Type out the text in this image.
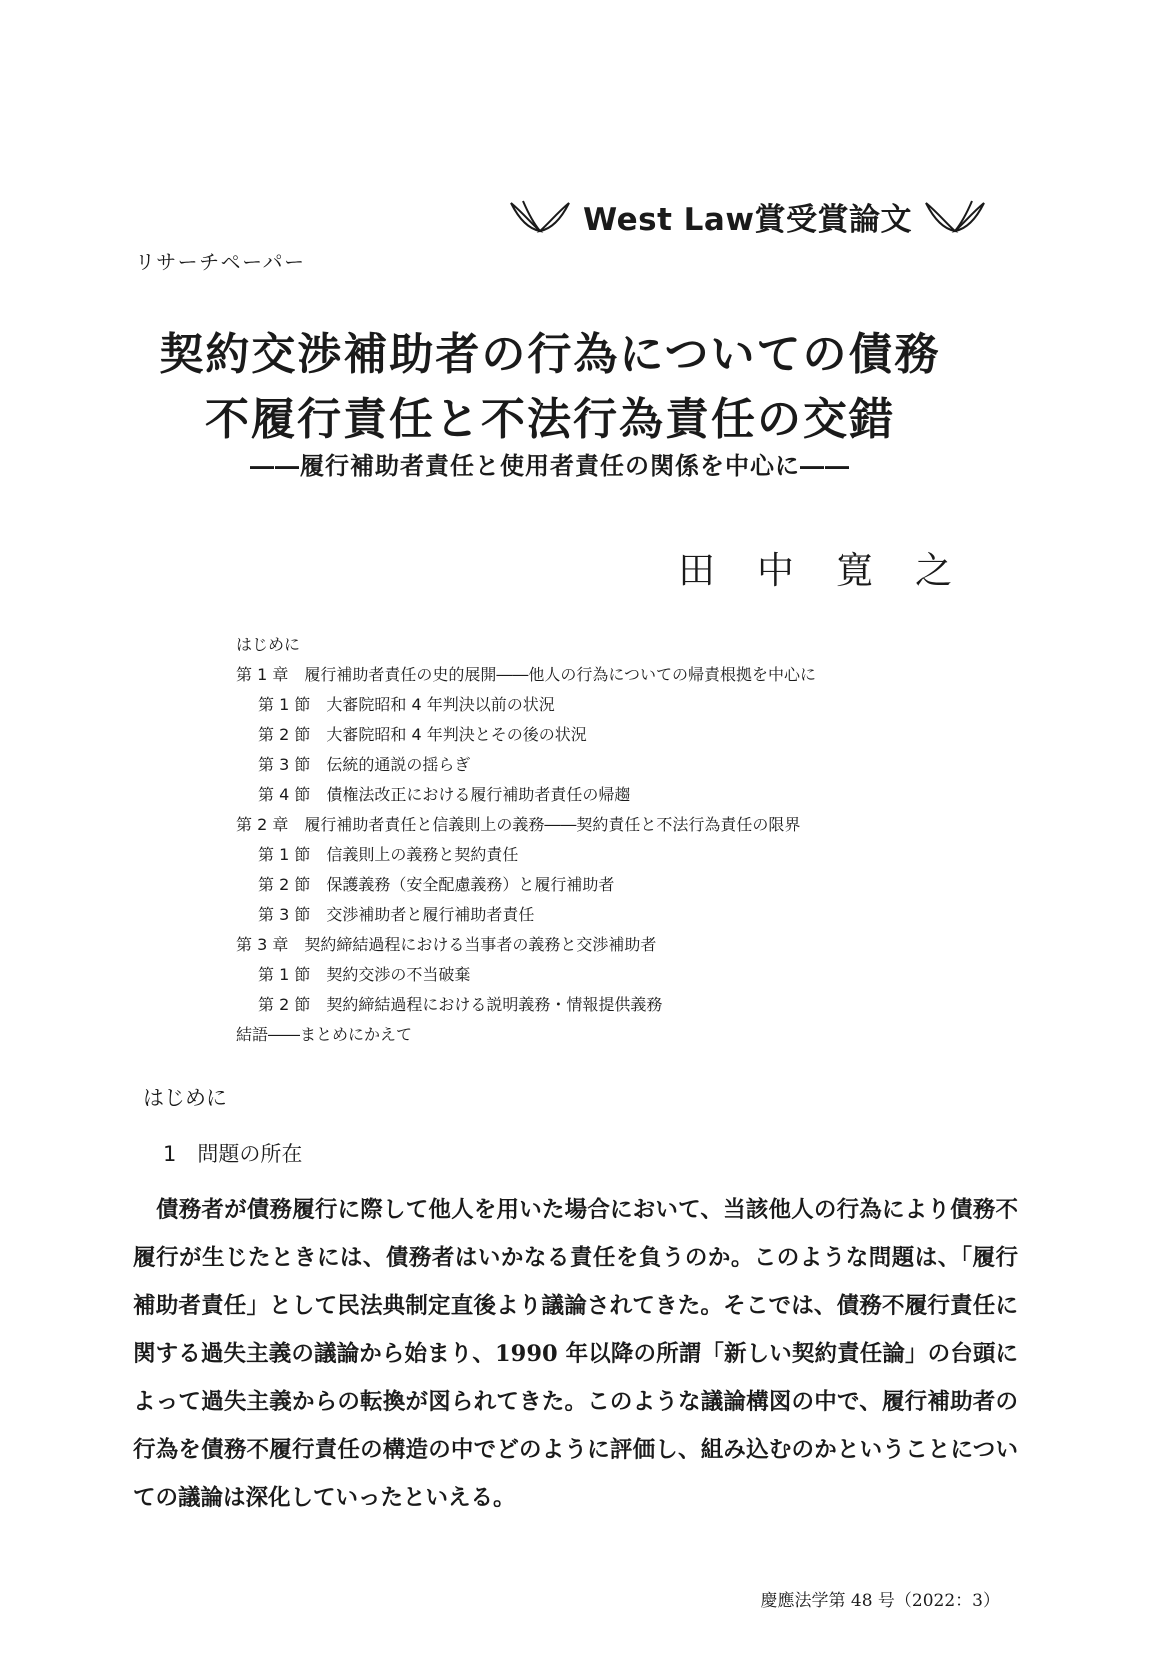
West Law賞受賞論文
リサーチペーパー
契約交渉補助者の行為についての債務
不履行責任と不法行為責任の交錯
――履行補助者責任と使用者責任の関係を中心に――
田中寛之
はじめに
第 1 章　履行補助者責任の史的展開――他人の行為についての帰責根拠を中心に
第 1 節　大審院昭和 4 年判決以前の状況
第 2 節　大審院昭和 4 年判決とその後の状況
第 3 節　伝統的通説の揺らぎ
第 4 節　債権法改正における履行補助者責任の帰趨
第 2 章　履行補助者責任と信義則上の義務――契約責任と不法行為責任の限界
第 1 節　信義則上の義務と契約責任
第 2 節　保護義務（安全配慮義務）と履行補助者
第 3 節　交渉補助者と履行補助者責任
第 3 章　契約締結過程における当事者の義務と交渉補助者
第 1 節　契約交渉の不当破棄
第 2 節　契約締結過程における説明義務・情報提供義務
結語――まとめにかえて
はじめに
1　問題の所在

債務者が債務履行に際して他人を用いた場合において、当該他人の行為により債務不履行が生じたときには、債務者はいかなる責任を負うのか。このような問題は、「履行補助者責任」として民法典制定直後より議論されてきた。そこでは、債務不履行責任に関する過失主義の議論から始まり、1990 年以降の所謂「新しい契約責任論」の台頭によって過失主義からの転換が図られてきた。このような議論構図の中で、履行補助者の行為を債務不履行責任の構造の中でどのように評価し、組み込むのかということについての議論は深化していったといえる。

慶應法学第 48 号（2022：3）
